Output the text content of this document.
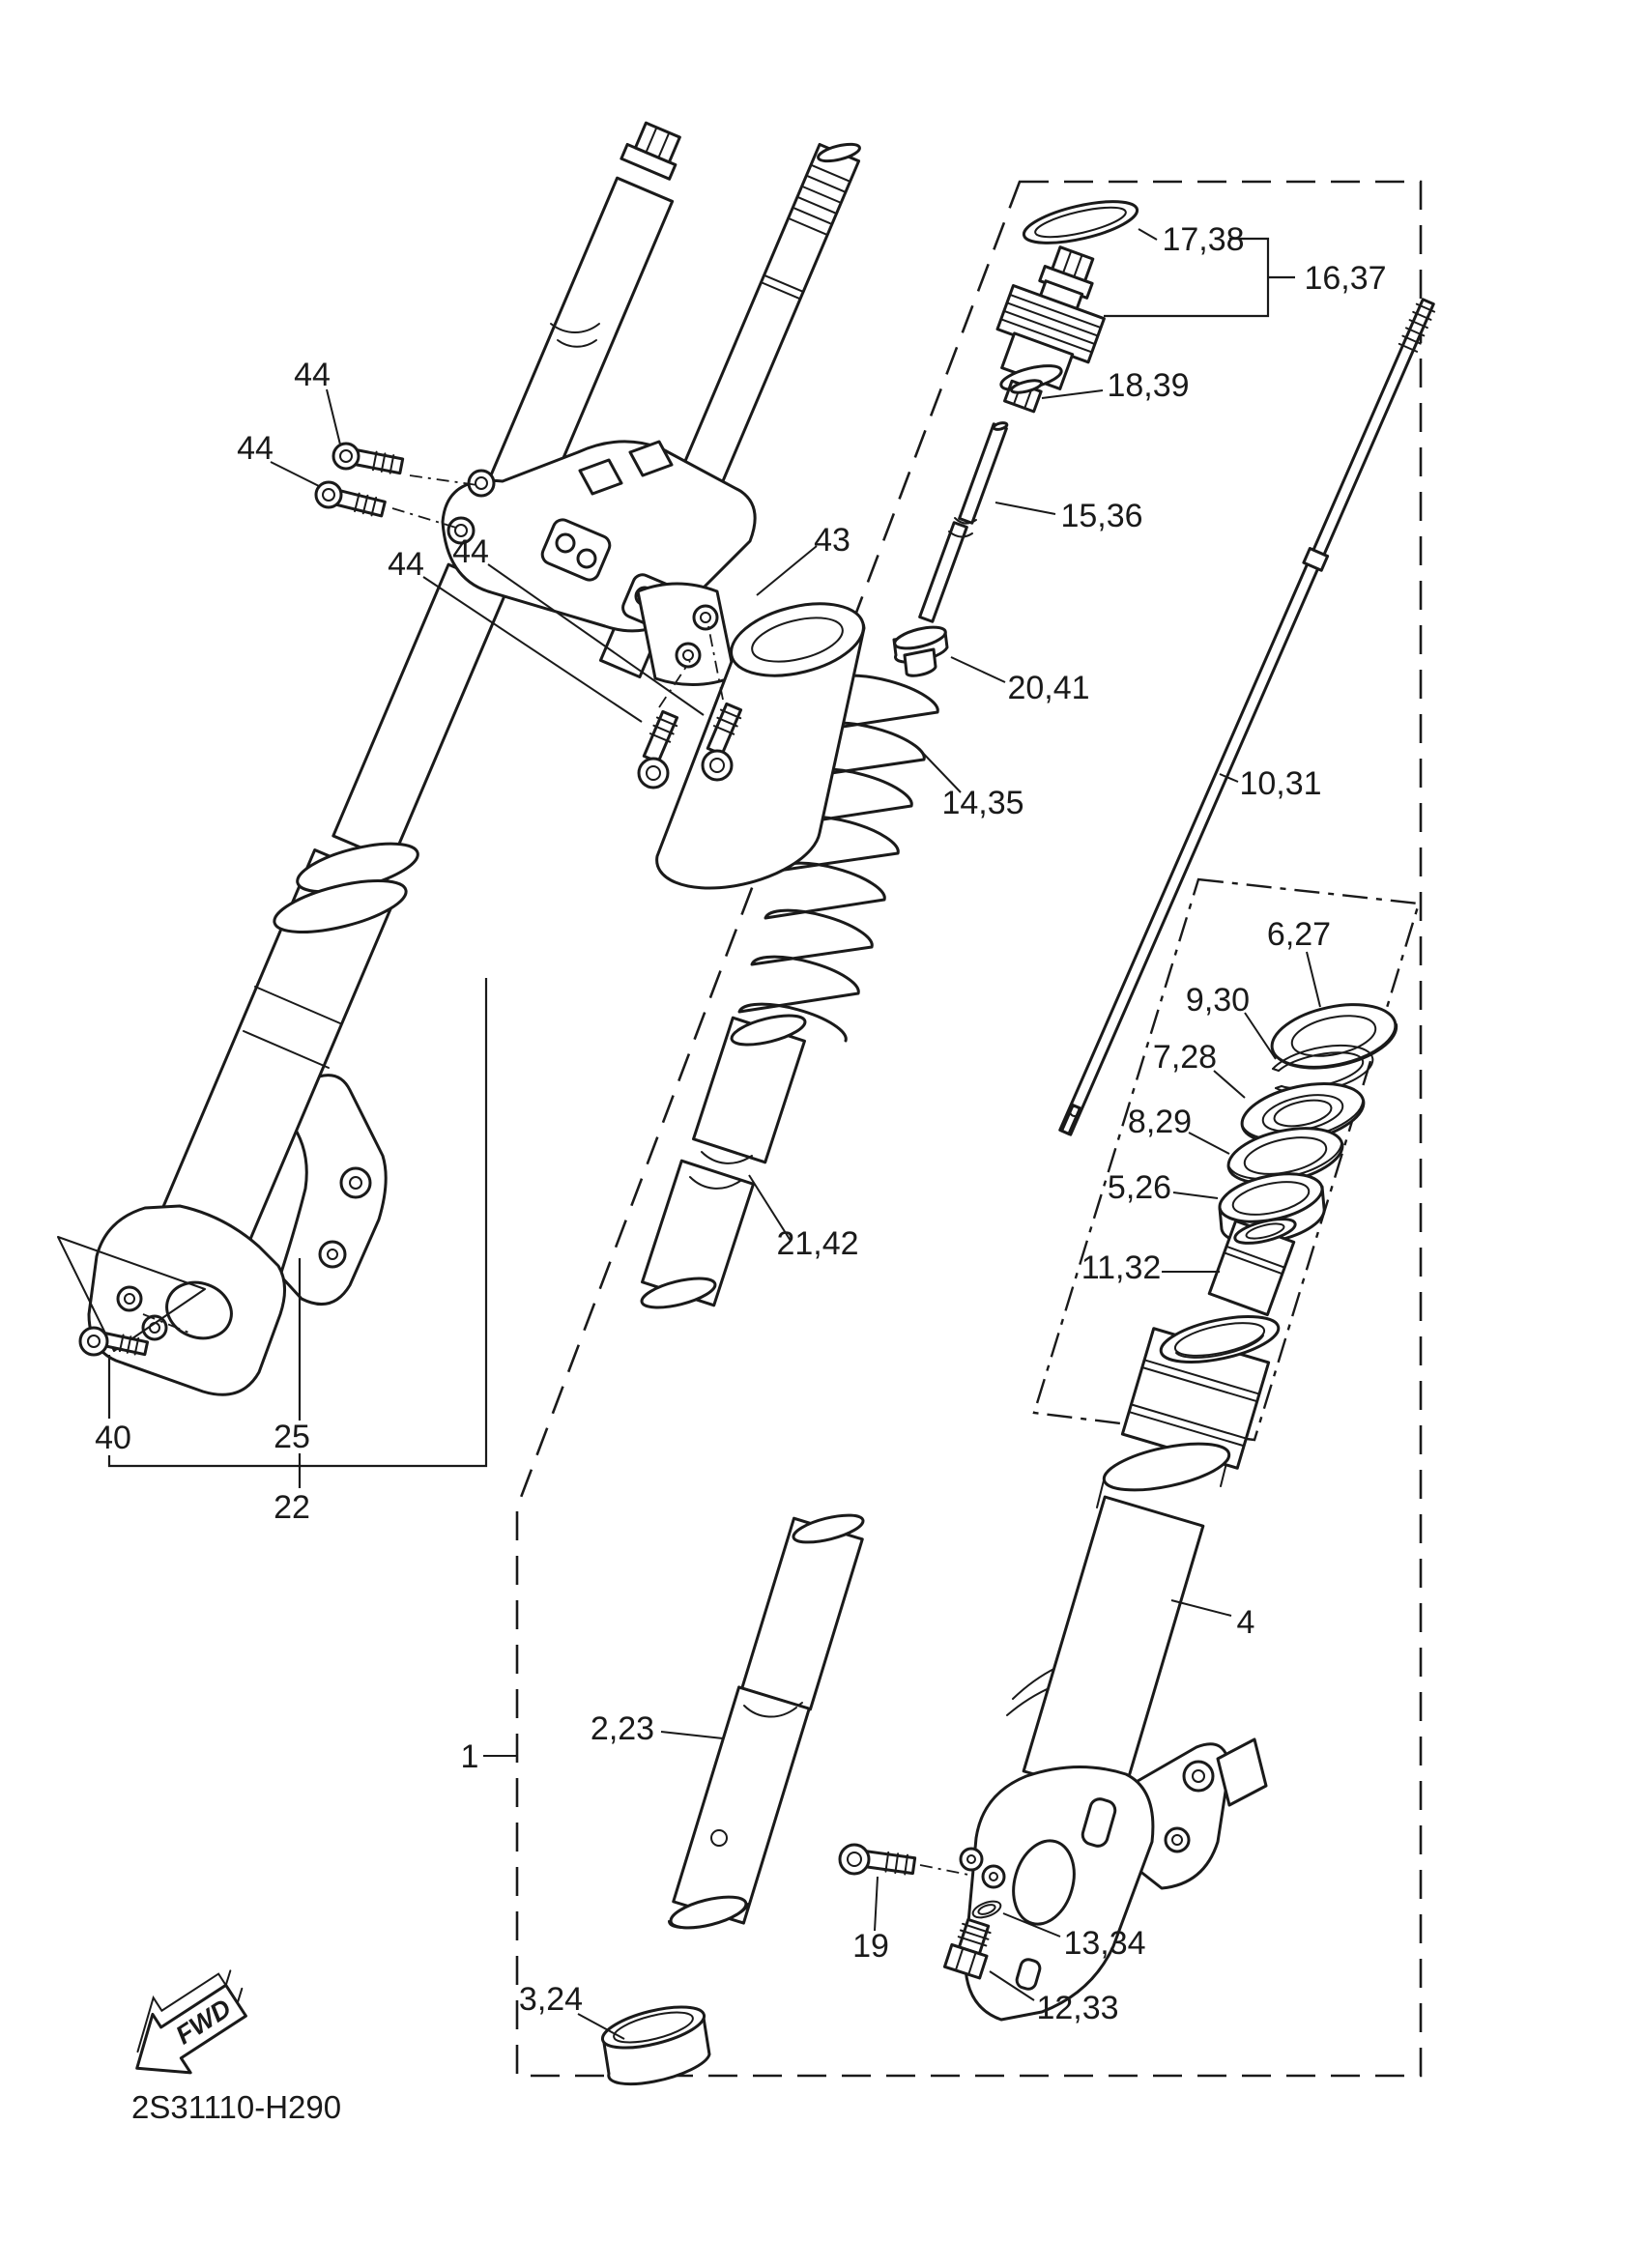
44
44
44 44	43
17,38
16,37
18,39
15,36
20,41
14,35
10,31
6,27
9,30
7,28
8,29
5,26
11,32
21,42
40	25
22
2,23
1
3,24
19	13,34
12,33
4
FWD
2S31110-H290
